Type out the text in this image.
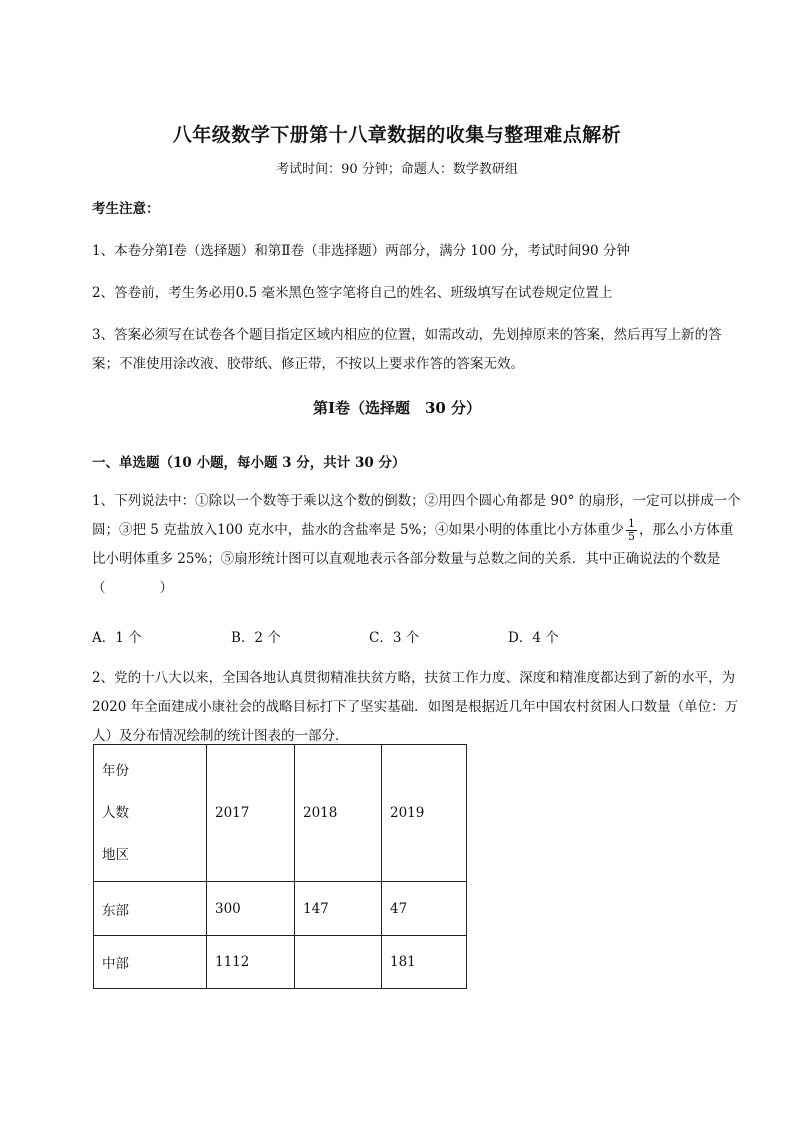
八年级数学下册第十八章数据的收集与整理难点解析
考试时间：90 分钟；命题人：数学教研组
考生注意：
1、本卷分第Ⅰ卷（选择题）和第Ⅱ卷（非选择题）两部分，满分 100 分，考试时间90 分钟
2、答卷前，考生务必用0.5 毫米黑色签字笔将自己的姓名、班级填写在试卷规定位置上
3、答案必须写在试卷各个题目指定区域内相应的位置，如需改动，先划掉原来的答案，然后再写上新的答案；不准使用涂改液、胶带纸、修正带，不按以上要求作答的答案无效。
第Ⅰ卷（选择题　30 分）
一、单选题（10 小题，每小题 3 分，共计 30 分）
1、下列说法中：①除以一个数等于乘以这个数的倒数；②用四个圆心角都是 90° 的扇形，一定可以拼成一个圆；③把 5 克盐放入100 克水中，盐水的含盐率是 5%；④如果小明的体重比小方体重少 $\frac{1}{5}$ ，那么小方体重比小明体重多 25%；⑤扇形统计图可以直观地表示各部分数量与总数之间的关系．其中正确说法的个数是（　　　　）
A．1 个	B．2 个	C．3 个	D．4 个
2、党的十八大以来，全国各地认真贯彻精准扶贫方略，扶贫工作力度、深度和精准度都达到了新的水平，为 2020 年全面建成小康社会的战略目标打下了坚实基础．如图是根据近几年中国农村贫困人口数量（单位：万人）及分布情况绘制的统计图表的一部分．
年份
人数
地区	2017	2018	2019
东部	300	147	47
中部	1112		181
